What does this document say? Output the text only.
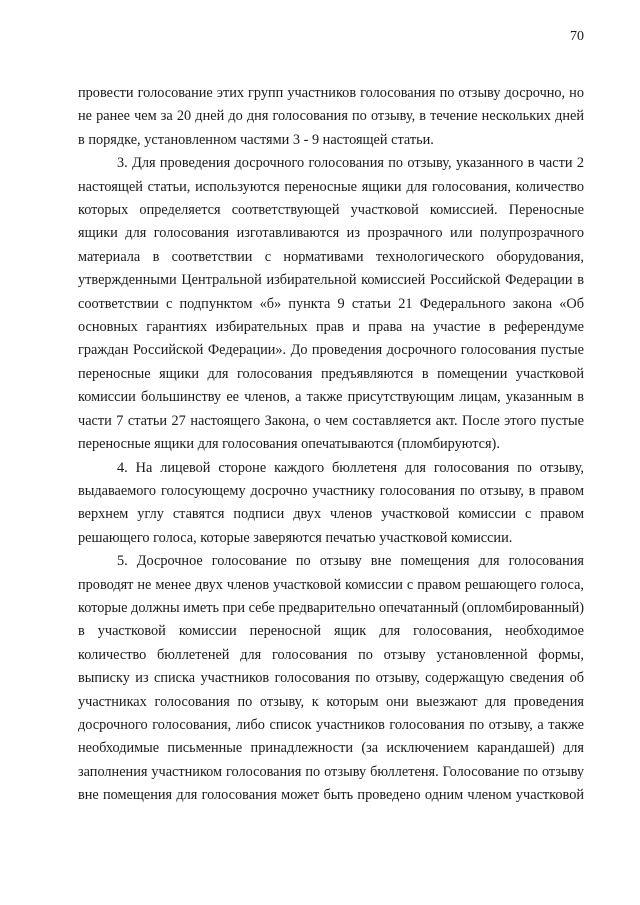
70

провести голосование этих групп участников голосования по отзыву досрочно, но не ранее чем за 20 дней до дня голосования по отзыву, в течение нескольких дней в порядке, установленном частями 3 - 9 настоящей статьи.

3. Для проведения досрочного голосования по отзыву, указанного в части 2 настоящей статьи, используются переносные ящики для голосования, количество которых определяется соответствующей участковой комиссией. Переносные ящики для голосования изготавливаются из прозрачного или полупрозрачного материала в соответствии с нормативами технологического оборудования, утвержденными Центральной избирательной комиссией Российской Федерации в соответствии с подпунктом «б» пункта 9 статьи 21 Федерального закона «Об основных гарантиях избирательных прав и права на участие в референдуме граждан Российской Федерации». До проведения досрочного голосования пустые переносные ящики для голосования предъявляются в помещении участковой комиссии большинству ее членов, а также присутствующим лицам, указанным в части 7 статьи 27 настоящего Закона, о чем составляется акт. После этого пустые переносные ящики для голосования опечатываются (пломбируются).

4. На лицевой стороне каждого бюллетеня для голосования по отзыву, выдаваемого голосующему досрочно участнику голосования по отзыву, в правом верхнем углу ставятся подписи двух членов участковой комиссии с правом решающего голоса, которые заверяются печатью участковой комиссии.

5. Досрочное голосование по отзыву вне помещения для голосования проводят не менее двух членов участковой комиссии с правом решающего голоса, которые должны иметь при себе предварительно опечатанный (опломбированный) в участковой комиссии переносной ящик для голосования, необходимое количество бюллетеней для голосования по отзыву установленной формы, выписку из списка участников голосования по отзыву, содержащую сведения об участниках голосования по отзыву, к которым они выезжают для проведения досрочного голосования, либо список участников голосования по отзыву, а также необходимые письменные принадлежности (за исключением карандашей) для заполнения участником голосования по отзыву бюллетеня. Голосование по отзыву вне помещения для голосования может быть проведено одним членом участковой
